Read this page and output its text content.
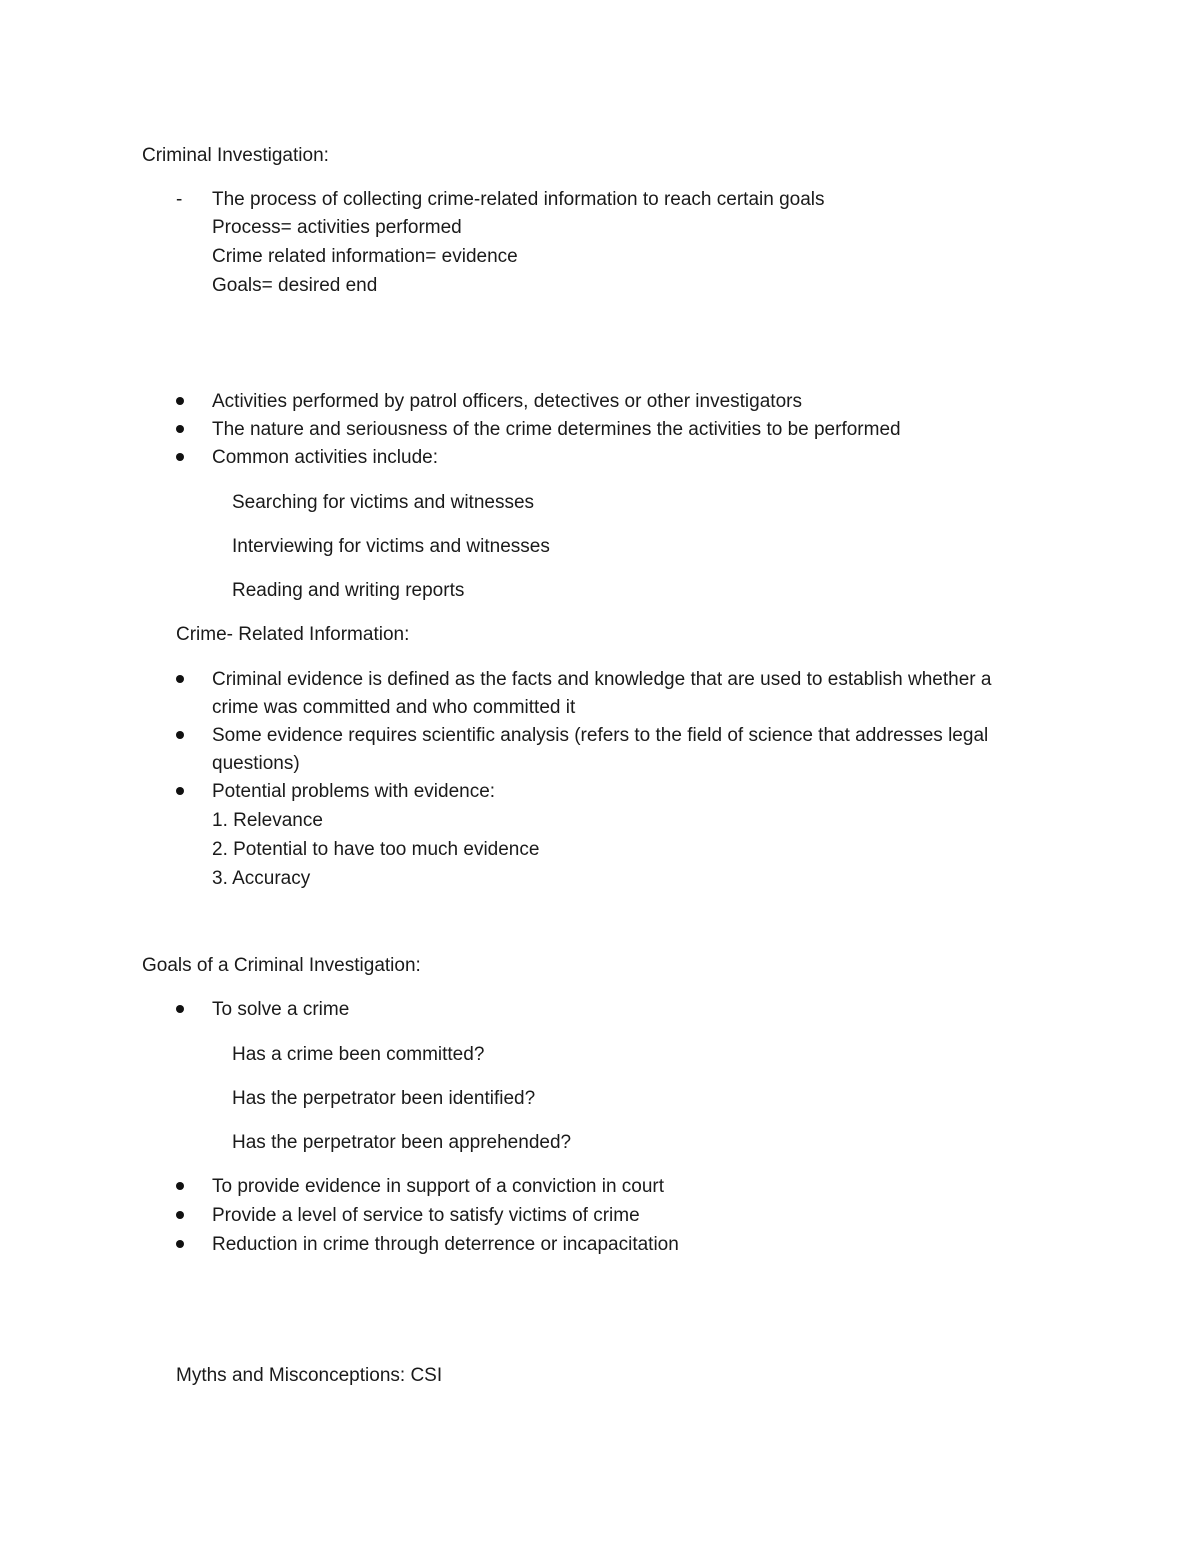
Criminal Investigation:
- The process of collecting crime-related information to reach certain goals
Process= activities performed
Crime related information= evidence
Goals= desired end
Activities performed by patrol officers, detectives or other investigators
The nature and seriousness of the crime determines the activities to be performed
Common activities include:
Searching for victims and witnesses
Interviewing for victims and witnesses
Reading and writing reports
Crime- Related Information:
Criminal evidence is defined as the facts and knowledge that are used to establish whether a
crime was committed and who committed it
Some evidence requires scientific analysis (refers to the field of science that addresses legal
questions)
Potential problems with evidence:
1. Relevance
2. Potential to have too much evidence
3. Accuracy
Goals of a Criminal Investigation:
To solve a crime
Has a crime been committed?
Has the perpetrator been identified?
Has the perpetrator been apprehended?
To provide evidence in support of a conviction in court
Provide a level of service to satisfy victims of crime
Reduction in crime through deterrence or incapacitation
Myths and Misconceptions: CSI
